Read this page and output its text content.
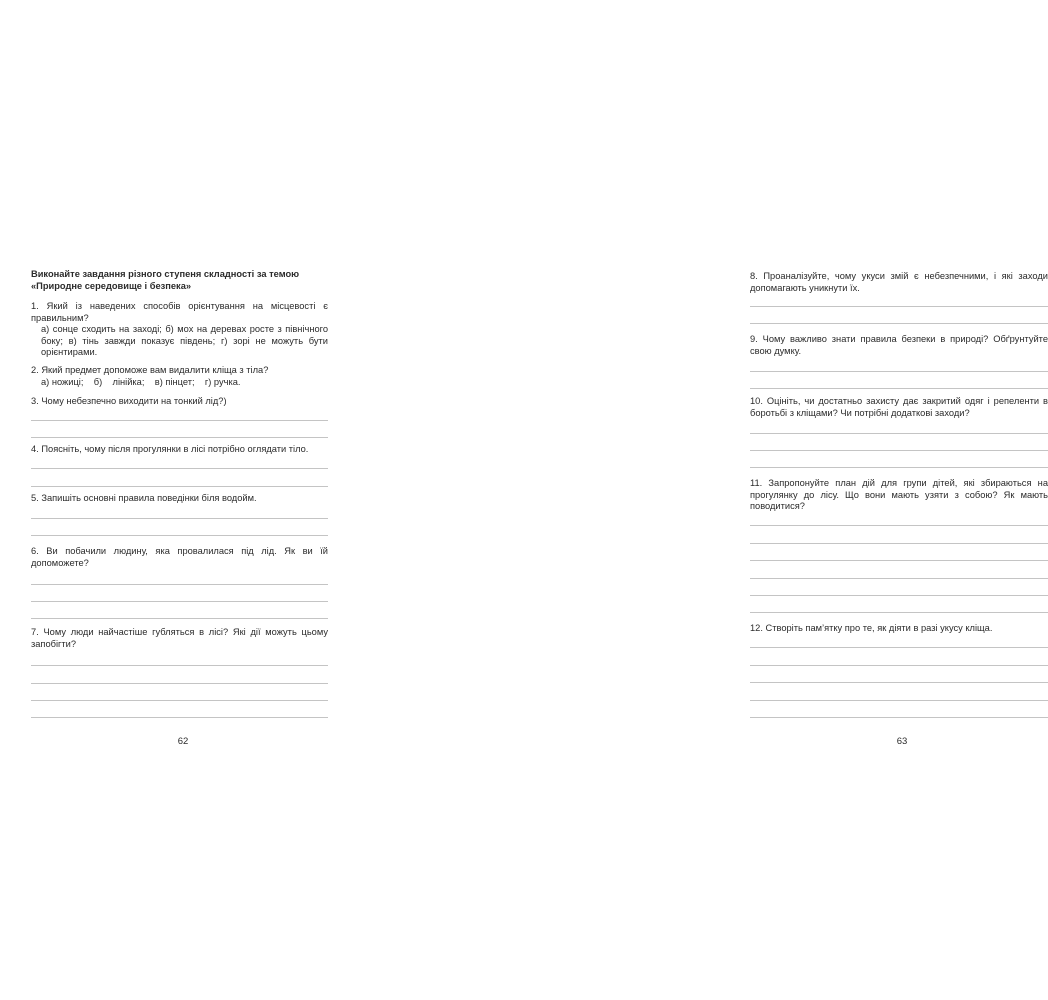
Виконайте завдання різного ступеня складності за темою

«Природне середовище і безпека»

1. Який із наведених способів орієнтування на місцевості є правильним?

а) сонце сходить на заході; б) мох на деревах росте з північного боку; в) тінь завжди показує південь; г) зорі не можуть бути орієнтирами.

2. Який предмет допоможе вам видалити кліща з тіла?

а) ножиці;    б)    лінійка;    в) пінцет;    г) ручка.

3. Чому небезпечно виходити на тонкий лід?)

4. Поясніть, чому після прогулянки в лісі потрібно оглядати тіло.

5. Запишіть основні правила поведінки біля водойм.

6. Ви побачили людину, яка провалилася під лід. Як ви їй допоможете?

7. Чому люди найчастіше губляться в лісі? Які дії можуть цьому запобігти?

62

8. Проаналізуйте, чому укуси змій є небезпечними, і які заходи допомагають уникнути їх.

9. Чому важливо знати правила безпеки в природі? Обґрунтуйте свою думку.

10. Оцініть, чи достатньо захисту дає закритий одяг і репеленти в боротьбі з кліщами? Чи потрібні додаткові заходи?

11. Запропонуйте план дій для групи дітей, які збираються на прогулянку до лісу. Що вони мають узяти з собою? Як мають поводитися?

12. Створіть пам’ятку про те, як діяти в разі укусу кліща.

63
